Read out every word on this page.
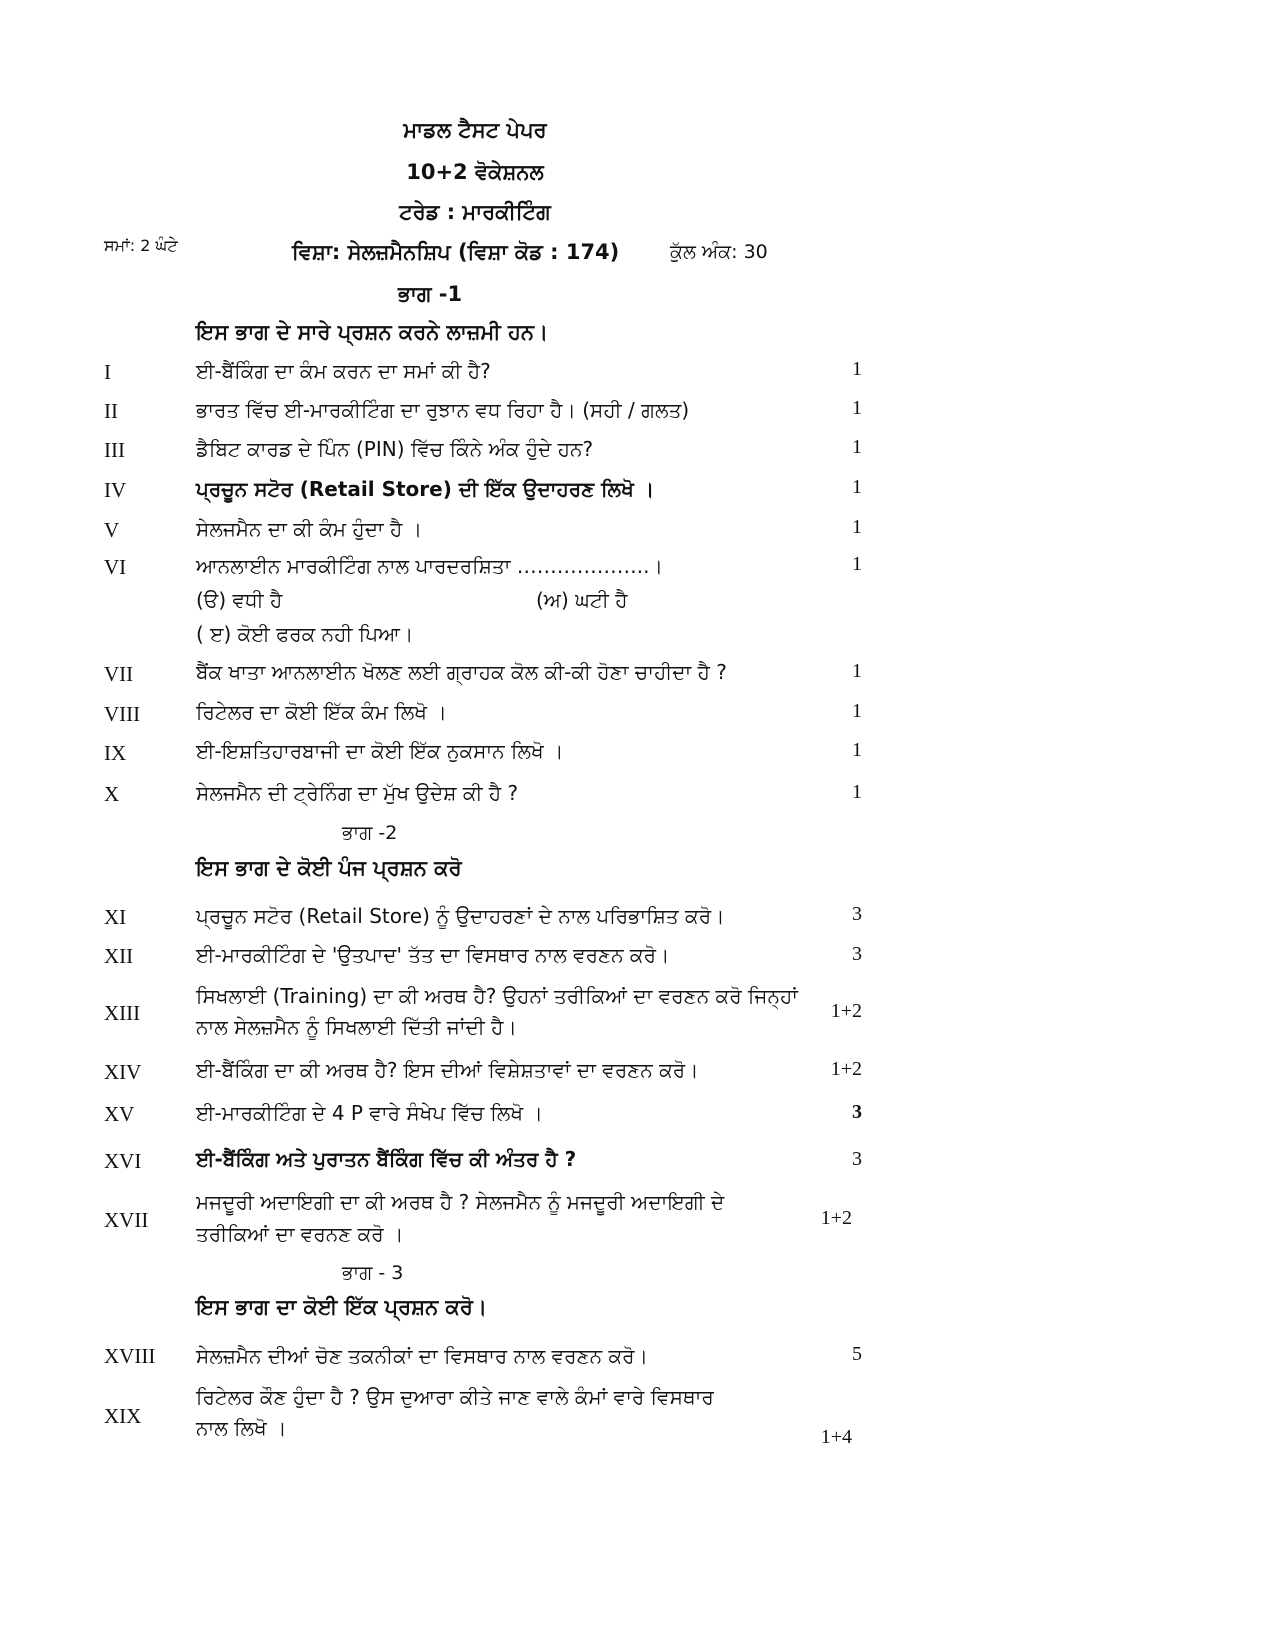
ਮਾਡਲ ਟੈਸਟ ਪੇਪਰ
10+2 ਵੋਕੇਸ਼ਨਲ
ਟਰੇਡ : ਮਾਰਕੀਟਿੰਗ
ਸਮਾਂ: 2 ਘੰਟੇ	ਵਿਸ਼ਾ: ਸੇਲਜ਼ਮੈਨਸ਼ਿਪ (ਵਿਸ਼ਾ ਕੋਡ : 174)	ਕੁੱਲ ਅੰਕ: 30
ਭਾਗ -1
ਇਸ ਭਾਗ ਦੇ ਸਾਰੇ ਪ੍ਰਸ਼ਨ ਕਰਨੇ ਲਾਜ਼ਮੀ ਹਨ।
I	ਈ-ਬੈਂਕਿੰਗ ਦਾ ਕੰਮ ਕਰਨ ਦਾ ਸਮਾਂ ਕੀ ਹੈ?	1
II	ਭਾਰਤ ਵਿੱਚ ਈ-ਮਾਰਕੀਟਿੰਗ ਦਾ ਰੁਝਾਨ ਵਧ ਰਿਹਾ ਹੈ। (ਸਹੀ / ਗਲਤ)	1
III	ਡੈਬਿਟ ਕਾਰਡ ਦੇ ਪਿੰਨ (PIN) ਵਿੱਚ ਕਿੰਨੇ ਅੰਕ ਹੁੰਦੇ ਹਨ?	1
IV	ਪ੍ਰਚੂਨ ਸਟੋਰ (Retail Store) ਦੀ ਇੱਕ ਉਦਾਹਰਣ ਲਿਖੋ ।	1
V	ਸੇਲਜਮੈਨ ਦਾ ਕੀ ਕੰਮ ਹੁੰਦਾ ਹੈ ।	1
VI	ਆਨਲਾਈਨ ਮਾਰਕੀਟਿੰਗ ਨਾਲ ਪਾਰਦਰਸ਼ਿਤਾ ………………..।	1
(ੳ) ਵਧੀ ਹੈ	(ਅ) ਘਟੀ ਹੈ
( ੲ) ਕੋਈ ਫਰਕ ਨਹੀ ਪਿਆ।
VII	ਬੈਂਕ ਖਾਤਾ ਆਨਲਾਈਨ ਖੋਲਣ ਲਈ ਗ੍ਰਾਹਕ ਕੋਲ ਕੀ-ਕੀ ਹੋਣਾ ਚਾਹੀਦਾ ਹੈ ?	1
VIII	ਰਿਟੇਲਰ ਦਾ ਕੋਈ ਇੱਕ ਕੰਮ ਲਿਖੋ ।	1
IX	ਈ-ਇਸ਼ਤਿਹਾਰਬਾਜੀ ਦਾ ਕੋਈ ਇੱਕ ਨੁਕਸਾਨ ਲਿਖੋ ।	1
X	ਸੇਲਜਮੈਨ ਦੀ ਟ੍ਰੇਨਿੰਗ ਦਾ ਮੁੱਖ ਉਦੇਸ਼ ਕੀ ਹੈ ?	1
ਭਾਗ -2
ਇਸ ਭਾਗ ਦੇ ਕੋਈ ਪੰਜ ਪ੍ਰਸ਼ਨ ਕਰੋ
XI	ਪ੍ਰਚੂਨ ਸਟੋਰ (Retail Store) ਨੂੰ ਉਦਾਹਰਣਾਂ ਦੇ ਨਾਲ ਪਰਿਭਾਸ਼ਿਤ ਕਰੋ।	3
XII	ਈ-ਮਾਰਕੀਟਿੰਗ ਦੇ 'ਉਤਪਾਦ' ਤੱਤ ਦਾ ਵਿਸਥਾਰ ਨਾਲ ਵਰਣਨ ਕਰੋ।	3
XIII
ਸਿਖਲਾਈ (Training) ਦਾ ਕੀ ਅਰਥ ਹੈ? ਉਹਨਾਂ ਤਰੀਕਿਆਂ ਦਾ ਵਰਣਨ ਕਰੋ ਜਿਨ੍ਹਾਂ
ਨਾਲ ਸੇਲਜ਼ਮੈਨ ਨੂੰ ਸਿਖਲਾਈ ਦਿੱਤੀ ਜਾਂਦੀ ਹੈ।
1+2
XIV	ਈ-ਬੈਂਕਿੰਗ ਦਾ ਕੀ ਅਰਥ ਹੈ? ਇਸ ਦੀਆਂ ਵਿਸ਼ੇਸ਼ਤਾਵਾਂ ਦਾ ਵਰਣਨ ਕਰੋ।	1+2
XV	ਈ-ਮਾਰਕੀਟਿੰਗ ਦੇ 4 P ਵਾਰੇ ਸੰਖੇਪ ਵਿੱਚ ਲਿਖੋ ।	3
XVI	ਈ-ਬੈਂਕਿੰਗ ਅਤੇ ਪੁਰਾਤਨ ਬੈਂਕਿੰਗ ਵਿੱਚ ਕੀ ਅੰਤਰ ਹੈ ?	3
XVII
ਮਜਦੂਰੀ ਅਦਾਇਗੀ ਦਾ ਕੀ ਅਰਥ ਹੈ ? ਸੇਲਜਮੈਨ ਨੂੰ ਮਜਦੂਰੀ ਅਦਾਇਗੀ ਦੇ
ਤਰੀਕਿਆਂ ਦਾ ਵਰਨਣ ਕਰੋ ।
1+2
ਭਾਗ - 3
ਇਸ ਭਾਗ ਦਾ ਕੋਈ ਇੱਕ ਪ੍ਰਸ਼ਨ ਕਰੋ।
XVIII ਸੇਲਜ਼ਮੈਨ ਦੀਆਂ ਚੋਣ ਤਕਨੀਕਾਂ ਦਾ ਵਿਸਥਾਰ ਨਾਲ ਵਰਣਨ ਕਰੋ।	5
XIX
ਰਿਟੇਲਰ ਕੌਣ ਹੁੰਦਾ ਹੈ ? ਉਸ ਦੁਆਰਾ ਕੀਤੇ ਜਾਣ ਵਾਲੇ ਕੰਮਾਂ ਵਾਰੇ ਵਿਸਥਾਰ
ਨਾਲ ਲਿਖੋ ।	1+4
